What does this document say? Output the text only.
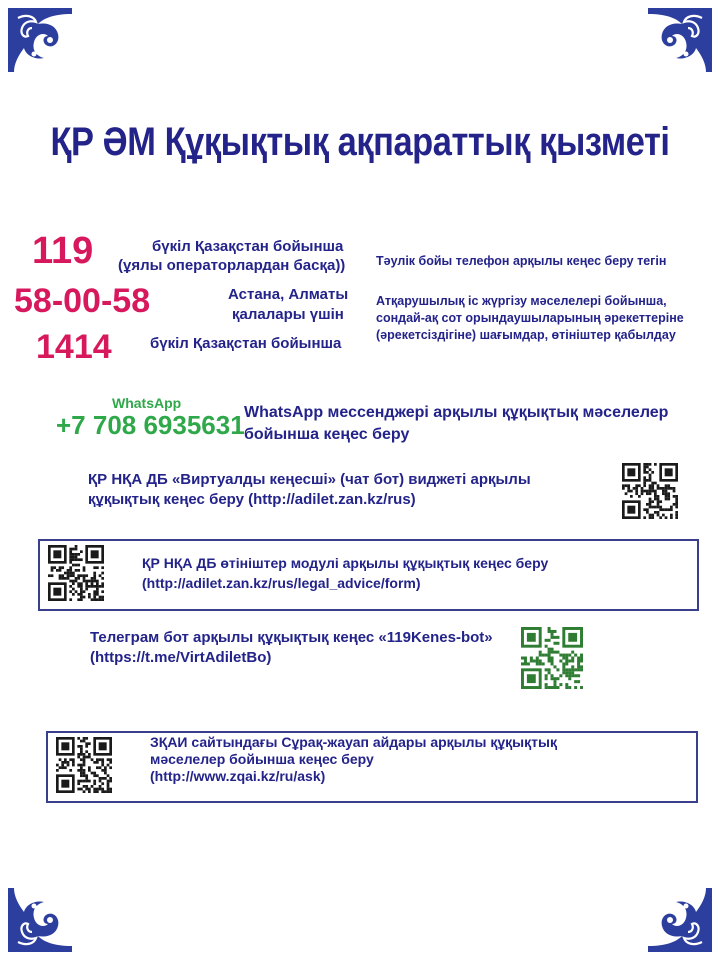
ҚР ӘМ Құқықтық ақпараттық қызметі
119	бүкіл Қазақстан бойынша
(ұялы операторлардан басқа))
58-00-58	Астана, Алматы
қалалары үшін
1414	бүкіл Қазақстан бойынша
Тәулік бойы телефон арқылы кеңес беру тегін
Атқарушылық іс жүргізу мәселелері бойынша, сондай-ақ сот орындаушыларының әрекеттеріне (әрекетсіздігіне) шағымдар, өтініштер қабылдау
WhatsApp
+7 708 6935631 WhatsApp мессенджері арқылы құқықтық мәселелер бойынша кеңес беру
ҚР НҚА ДБ «Виртуалды кеңесші» (чат бот) виджеті арқылы құқықтық кеңес беру (http://adilet.zan.kz/rus)
ҚР НҚА ДБ өтініштер модулі арқылы құқықтық кеңес беру
(http://adilet.zan.kz/rus/legal_advice/form)
Телеграм бот арқылы құқықтық кеңес «119Kenes-bot»
(https://t.me/VirtAdiletBo)
ЗҚАИ сайтындағы Сұрақ-жауап айдары арқылы құқықтық
мәселелер бойынша кеңес беру
(http://www.zqai.kz/ru/ask)
